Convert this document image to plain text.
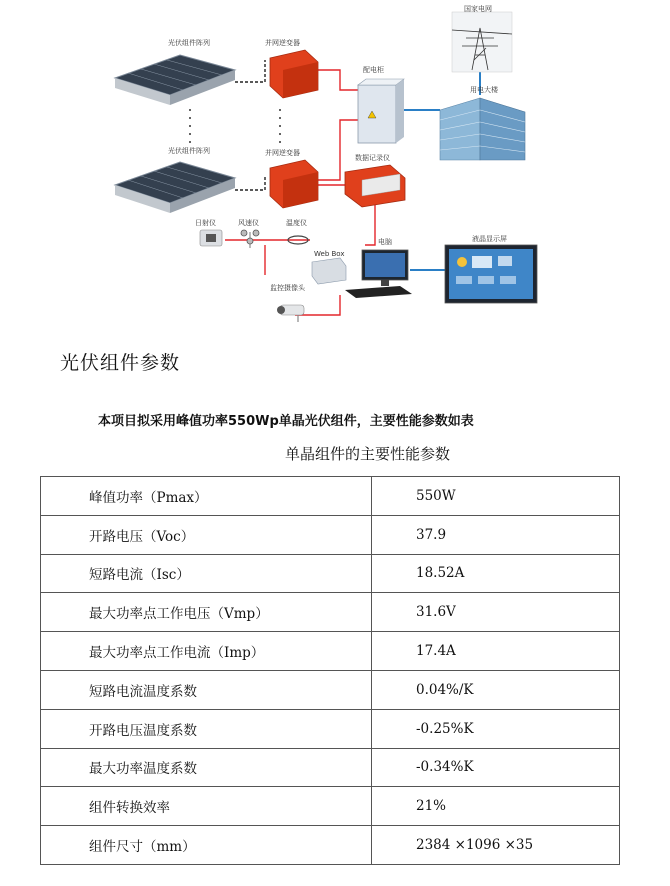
光伏组件阵列
光伏组件阵列
并网逆变器
并网逆变器
配电柜
国家电网
用电大楼
数据记录仪
日射仪	风速仪	温度仪
监控摄像头
Web Box
电脑	液晶显示屏
光伏组件参数

本项目拟采用峰值功率550Wp单晶光伏组件，主要性能参数如表

单晶组件的主要性能参数

峰值功率（Pmax）	550W
开路电压（Voc）	37.9
短路电流（Isc）	18.52A
最大功率点工作电压（Vmp）	31.6V
最大功率点工作电流（Imp）	17.4A
短路电流温度系数	0.04%/K
开路电压温度系数	-0.25%K
最大功率温度系数	-0.34%K
组件转换效率	21%
组件尺寸（mm）	2384 ×1096 ×35
